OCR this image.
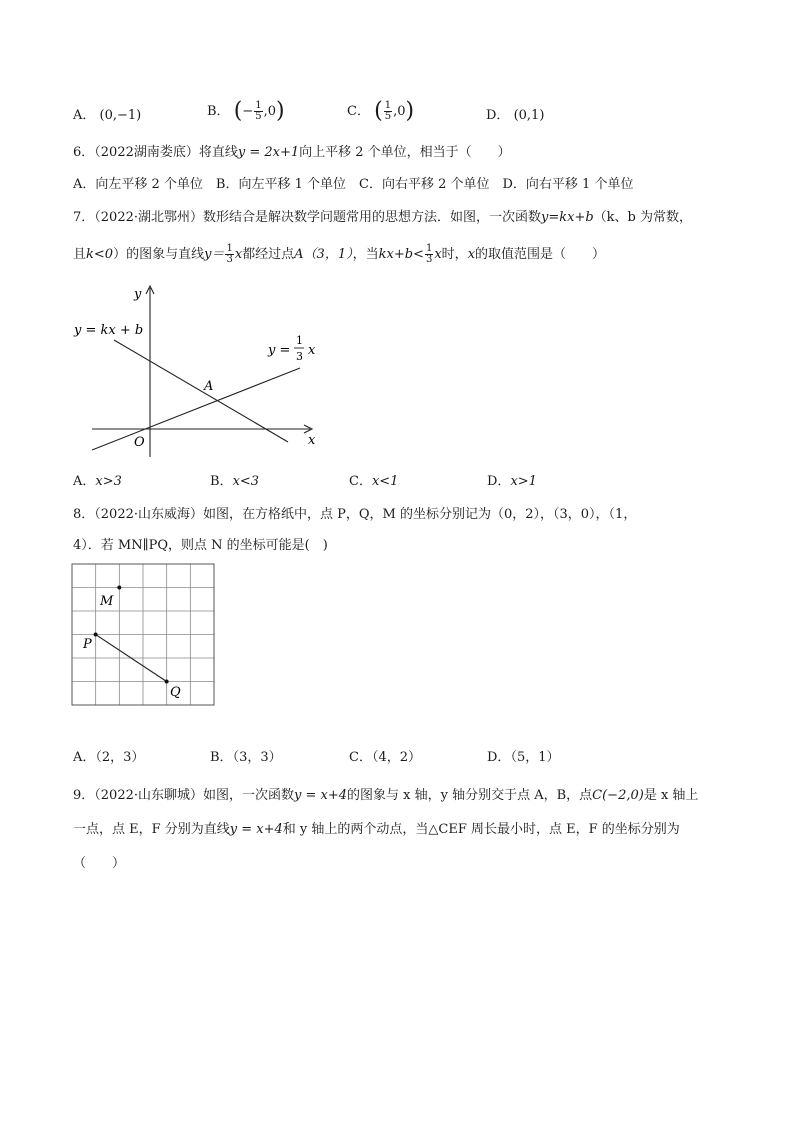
A． (0,−1)	B． (− $\frac{1}{5} ,0$)	C． ( $\frac{1}{5} ,0$)	D． (0,1)
6．（2022湖南娄底）将直线y = 2x+1向上平移 2 个单位，相当于（　　）
A．向左平移 2 个单位　B．向左平移 1 个单位　C．向右平移 2 个单位　D．向右平移 1 个单位
7．（2022·湖北鄂州）数形结合是解决数学问题常用的思想方法．如图，一次函数y=kx+b（k、b 为常数，
且k<0）的图象与直线$y= \frac{1}{3}$ x都经过点A（3，1），当$kx+b< \frac{1}{3}$ x时，x的取值范围是（　　）
y
x
O
A
y = kx + b
y =
1
3 x
A．x>3	B．x<3	C．x<1	D．x>1
8．（2022·山东威海）如图，在方格纸中，点 P，Q，M 的坐标分别记为（0，2），（3，0），（1，
4）．若 MN∥PQ，则点 N 的坐标可能是(　)
M
P
Q
A．（2，3）	B．（3，3）	C．（4，2）	D．（5，1）
9．（2022·山东聊城）如图，一次函数y = x+4的图象与 x 轴，y 轴分别交于点 A，B，点C(−2,0)是 x 轴上
一点，点 E，F 分别为直线y = x+4和 y 轴上的两个动点，当△CEF 周长最小时，点 E，F 的坐标分别为
（　　）
